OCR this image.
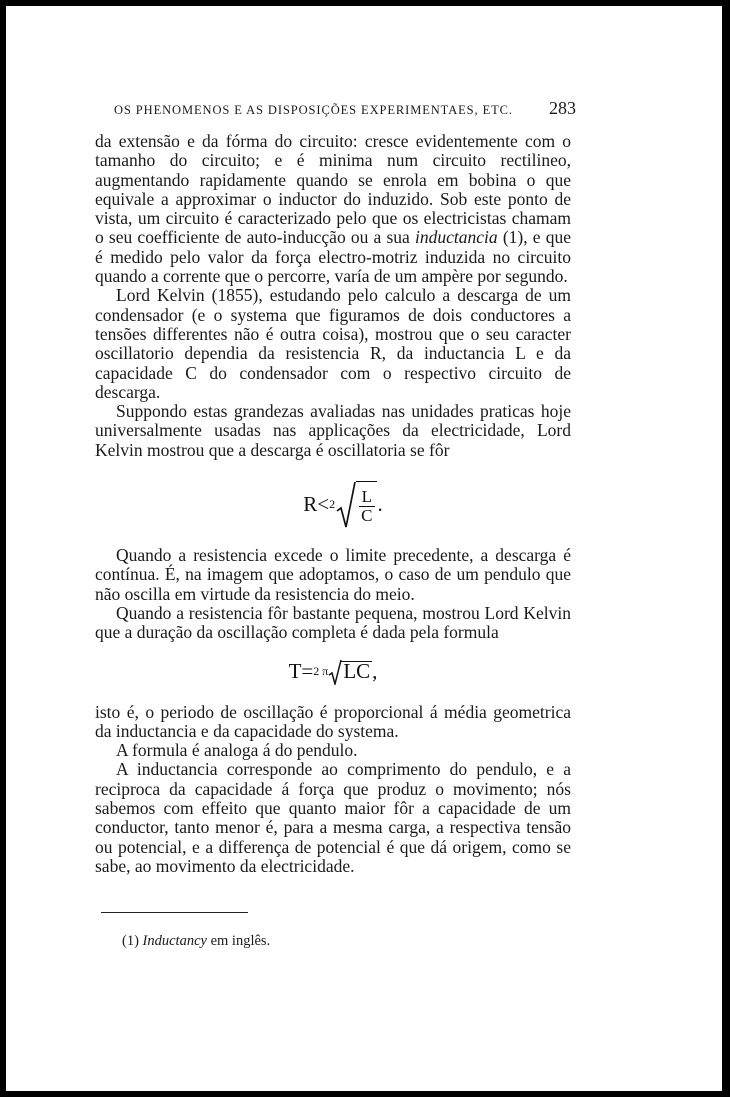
OS PHENOMENOS E AS DISPOSIÇÕES EXPERIMENTAES, ETC. 283

da extensão e da fórma do circuito: cresce evidentemente com o tamanho do circuito; e é minima num circuito rectilineo, augmentando rapidamente quando se enrola em bobina o que equivale a approximar o inductor do induzido. Sob este ponto de vista, um circuito é caracterizado pelo que os electricistas chamam o seu coefficiente de auto-inducção ou a sua inductancia (1), e que é medido pelo valor da força electro-motriz induzida no circuito quando a corrente que o percorre, varía de um ampère por segundo.

Lord Kelvin (1855), estudando pelo calculo a descarga de um condensador (e o systema que figuramos de dois conductores a tensões differentes não é outra coisa), mostrou que o seu caracter oscillatorio dependia da resistencia R, da inductancia L e da capacidade C do condensador com o respectivo circuito de descarga.

Suppondo estas grandezas avaliadas nas unidades praticas hoje universalmente usadas nas applicações da electricidade, Lord Kelvin mostrou que a descarga é oscillatoria se fôr

$R < 2 \frac{L}{C}$ .

Quando a resistencia excede o limite precedente, a descarga é contínua. É, na imagem que adoptamos, o caso de um pendulo que não oscilla em virtude da resistencia do meio.

Quando a resistencia fôr bastante pequena, mostrou Lord Kelvin que a duração da oscillação completa é dada pela formula

T = 2 π LC ,

isto é, o periodo de oscillação é proporcional á média geometrica da inductancia e da capacidade do systema.

A formula é analoga á do pendulo.

A inductancia corresponde ao comprimento do pendulo, e a reciproca da capacidade á força que produz o movimento; nós sabemos com effeito que quanto maior fôr a capacidade de um conductor, tanto menor é, para a mesma carga, a respectiva tensão ou potencial, e a differença de potencial é que dá origem, como se sabe, ao movimento da electricidade.

(1) Inductancy em inglês.
